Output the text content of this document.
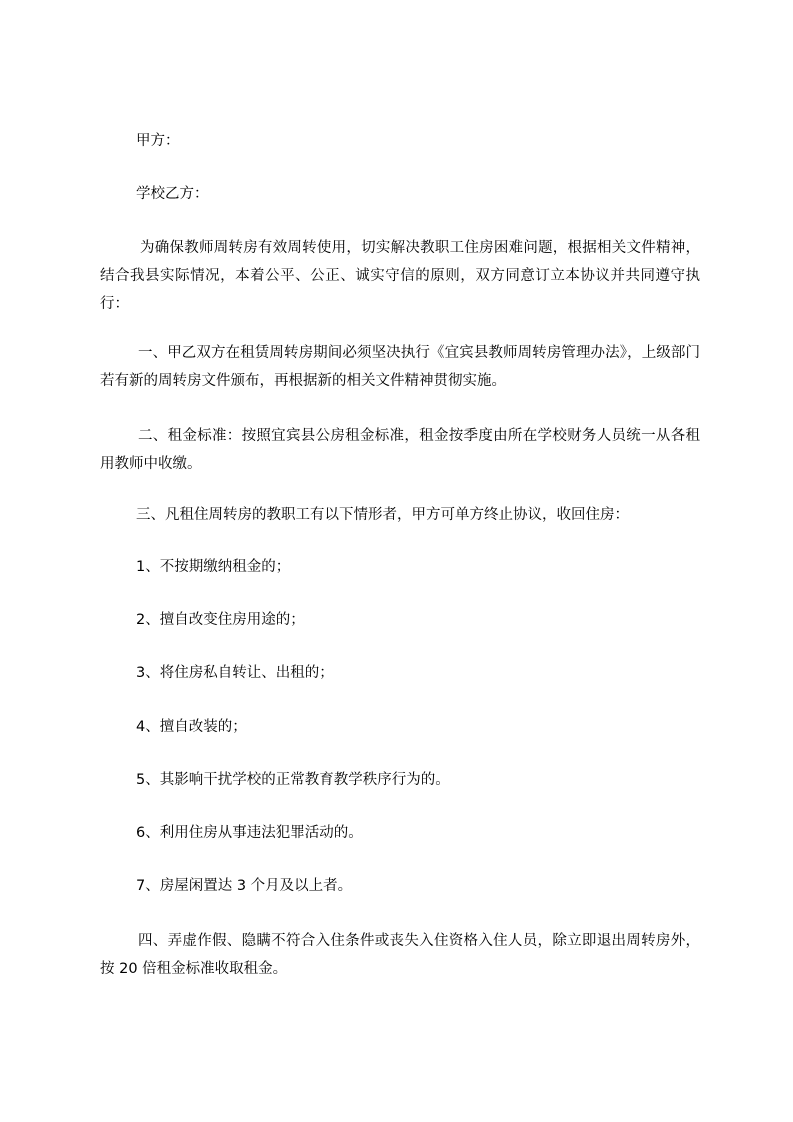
甲方：
学校乙方：
为确保教师周转房有效周转使用，切实解决教职工住房困难问题，根据相关文件精神，结合我县实际情况，本着公平、公正、诚实守信的原则，双方同意订立本协议并共同遵守执行：
一、甲乙双方在租赁周转房期间必须坚决执行《宜宾县教师周转房管理办法》，上级部门若有新的周转房文件颁布，再根据新的相关文件精神贯彻实施。
二、租金标准：按照宜宾县公房租金标准，租金按季度由所在学校财务人员统一从各租用教师中收缴。
三、凡租住周转房的教职工有以下情形者，甲方可单方终止协议，收回住房：
1、不按期缴纳租金的；
2、擅自改变住房用途的；
3、将住房私自转让、出租的；
4、擅自改装的；
5、其影响干扰学校的正常教育教学秩序行为的。
6、利用住房从事违法犯罪活动的。
7、房屋闲置达 3 个月及以上者。
四、弄虚作假、隐瞒不符合入住条件或丧失入住资格入住人员，除立即退出周转房外，按 20 倍租金标准收取租金。
